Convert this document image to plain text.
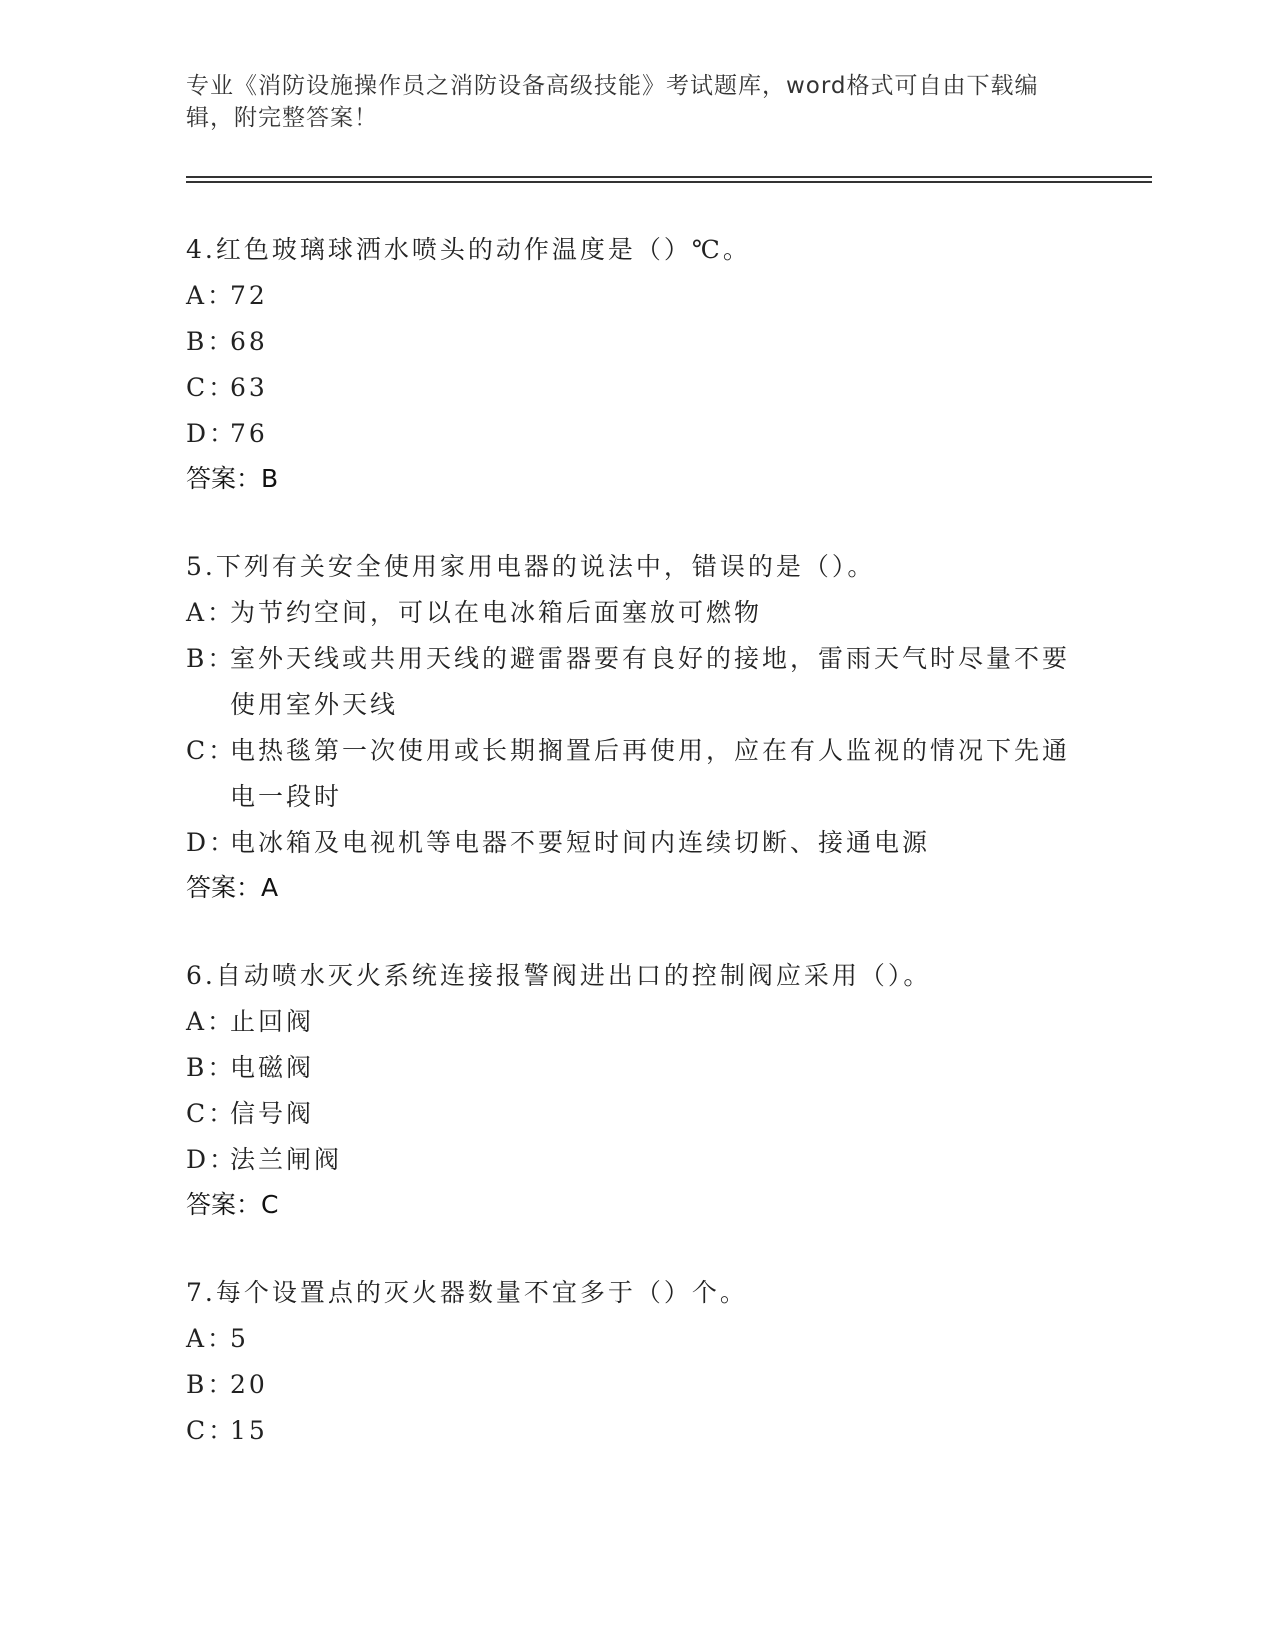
专业《消防设施操作员之消防设备高级技能》考试题库，word格式可自由下载编辑，附完整答案！

4.红色玻璃球洒水喷头的动作温度是（）℃。

A：
72
B：
68
C：
63
D：
76

答案：B

5.下列有关安全使用家用电器的说法中，错误的是（）。

A：
为节约空间，可以在电冰箱后面塞放可燃物
B：
室外天线或共用天线的避雷器要有良好的接地，雷雨天气时尽量不要使用室外天线
C：
电热毯第一次使用或长期搁置后再使用，应在有人监视的情况下先通电一段时
D：
电冰箱及电视机等电器不要短时间内连续切断、接通电源

答案：A

6.自动喷水灭火系统连接报警阀进出口的控制阀应采用（）。

A：
止回阀
B：
电磁阀
C：
信号阀
D：
法兰闸阀

答案：C

7.每个设置点的灭火器数量不宜多于（）个。

A：
5
B：
20
C：
15
